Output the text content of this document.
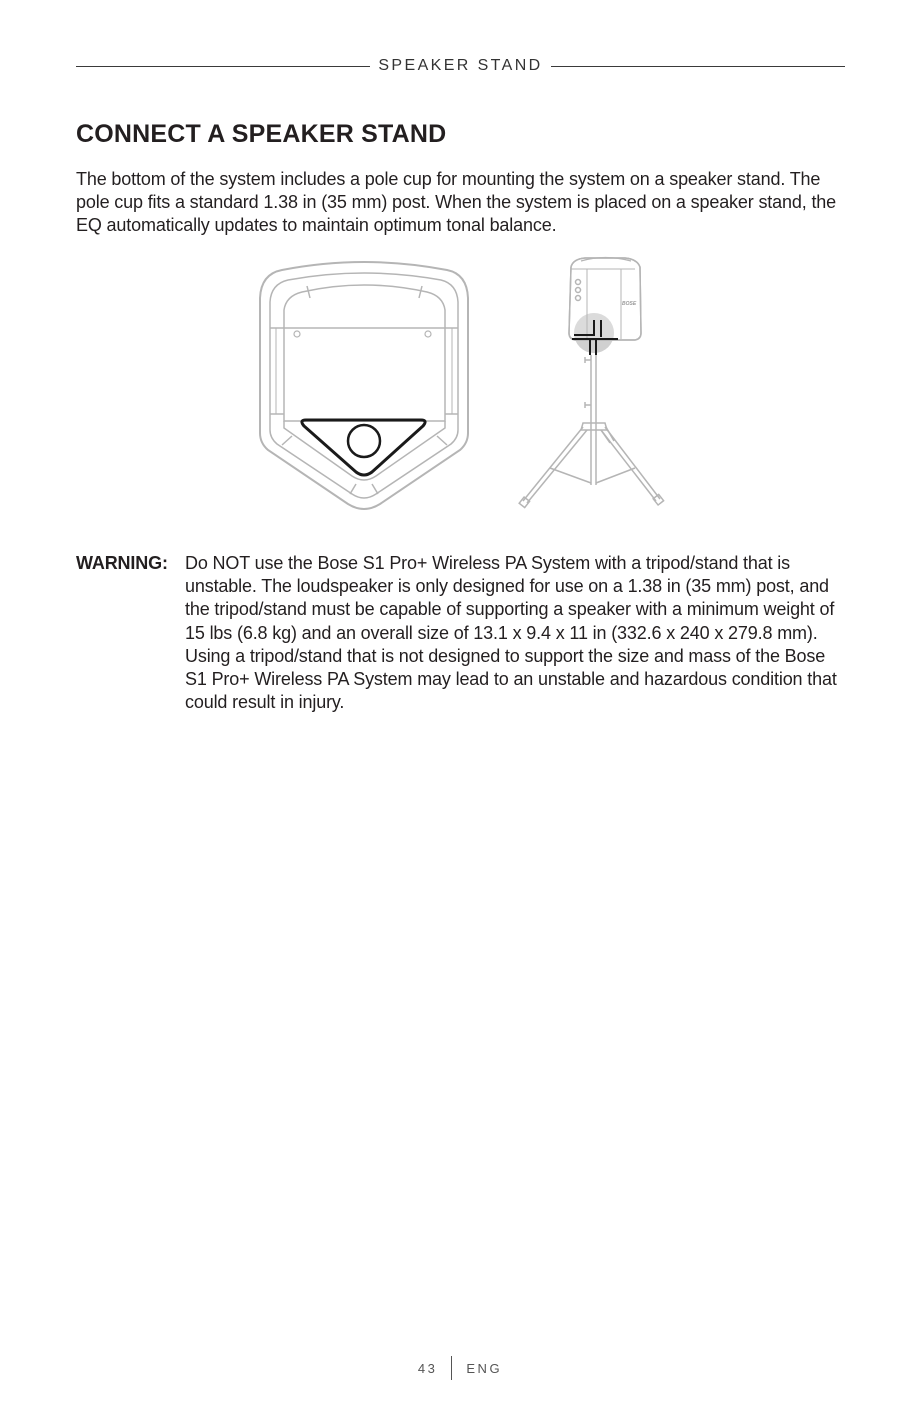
SPEAKER STAND
CONNECT A SPEAKER STAND

The bottom of the system includes a pole cup for mounting the system on a speaker stand. The pole cup fits a standard 1.38 in (35 mm) post. When the system is placed on a speaker stand, the EQ automatically updates to maintain optimum tonal balance.

BOSE
WARNING: Do NOT use the Bose S1 Pro+ Wireless PA System with a tripod/stand that is unstable. The loudspeaker is only designed for use on a 1.38 in (35 mm) post, and the tripod/stand must be capable of supporting a speaker with a minimum weight of 15 lbs (6.8 kg) and an overall size of 13.1 x 9.4 x 11 in (332.6 x 240 x 279.8 mm). Using a tripod/stand that is not designed to support the size and mass of the Bose S1 Pro+ Wireless PA System may lead to an unstable and hazardous condition that could result in injury.
43 ENG
